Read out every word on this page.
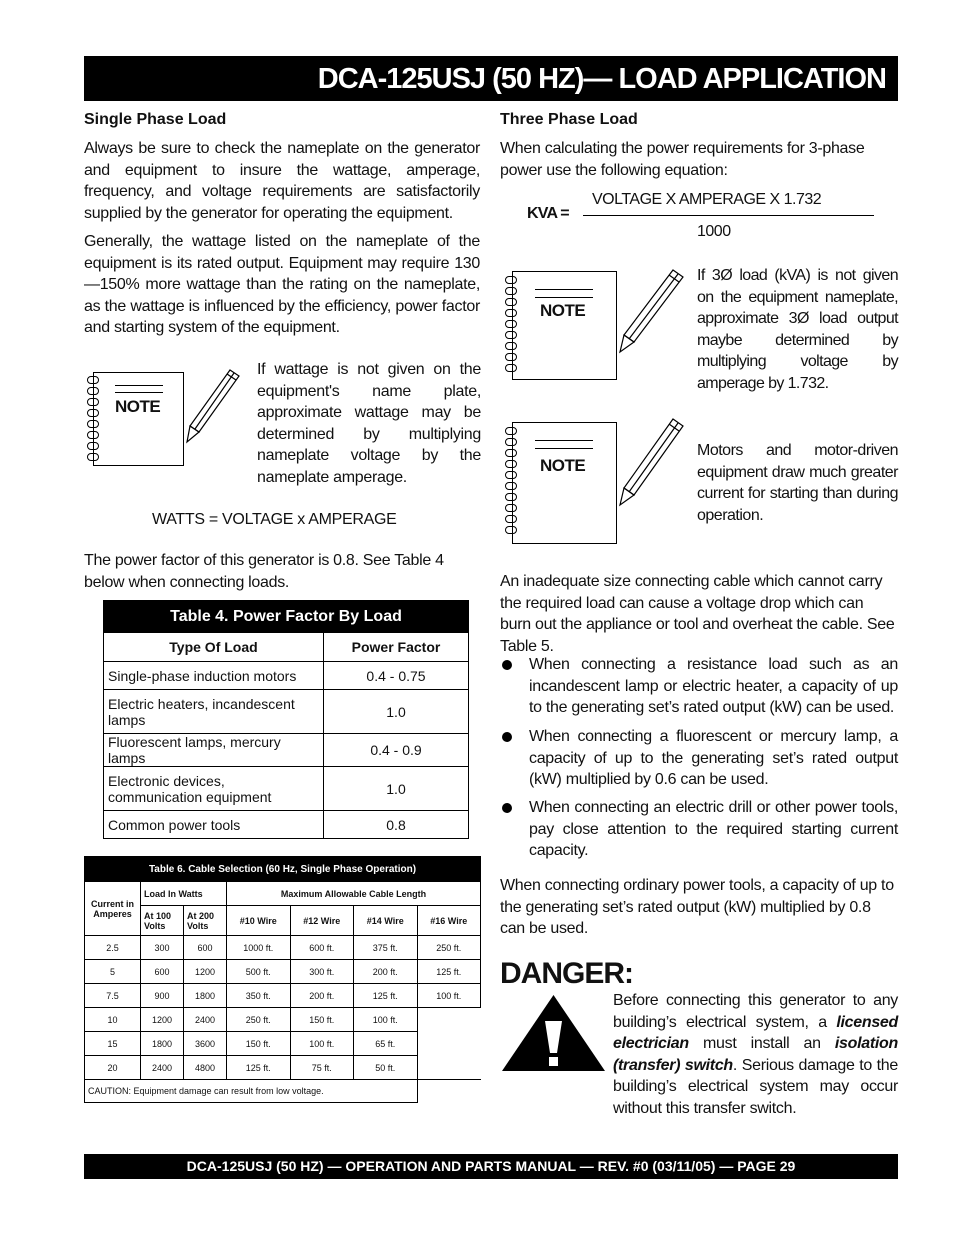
DCA-125USJ (50 HZ)— LOAD APPLICATION
Single Phase Load
Always be sure to check the nameplate on the generator and equipment to insure the wattage, amperage, frequency, and voltage requirements are satisfactorily supplied by the generator for operating the equipment.
Generally, the wattage listed on the nameplate of the equipment is its rated output. Equipment may require 130—150% more wattage than the rating on the nameplate, as the wattage is influenced by the efficiency, power factor and starting system of the equipment.
NOTE
If wattage is not given on the equipment's name plate, approximate wattage may be determined by multiplying nameplate voltage by the nameplate amperage.
WATTS = VOLTAGE x AMPERAGE
The power factor of this generator is 0.8. See Table 4 below when connecting loads.
Table 4. Power Factor By Load	
Type Of Load	Power Factor
Single-phase induction motors	0.4 - 0.75
Electric heaters, incandescent lamps	1.0
Fluorescent lamps, mercury lamps	0.4 - 0.9
Electronic devices, communication equipment	1.0
Common power tools	0.8
Table 6. Cable Selection (60 Hz, Single Phase Operation)						
Current in Amperes	Load In Watts		Maximum Allowable Cable Length			
	At 100 Volts	At 200 Volts	#10 Wire	#12 Wire	#14 Wire	#16 Wire
2.5	300	600	1000 ft.	600 ft.	375 ft.	250 ft.
5	600	1200	500 ft.	300 ft.	200 ft.	125 ft.
7.5	900	1800	350 ft.	200 ft.	125 ft.	100 ft.
10	1200	2400	250 ft.	150 ft.	100 ft.	
15	1800	3600	150 ft.	100 ft.	65 ft.	
20	2400	4800	125 ft.	75 ft.	50 ft.	
CAUTION: Equipment damage can result from low voltage.						
Three Phase Load
When calculating the power requirements for 3-phase power use the following equation:
KVA =
VOLTAGE X AMPERAGE X 1.732
1000
NOTE
If 3Ø load (kVA) is not given on the equipment nameplate, approximate 3Ø load output maybe determined by multiplying voltage by amperage by 1.732.
NOTE
Motors and motor-driven equipment draw much greater current for starting than during operation.
An inadequate size connecting cable which cannot carry the required load can cause a voltage drop which can burn out the appliance or tool and overheat the cable. See Table 5.
When connecting a resistance load such as an incandescent lamp or electric heater, a capacity of up to the generating set’s rated output (kW) can be used.
When connecting a fluorescent or mercury lamp, a capacity of up to the generating set’s rated output (kW) multiplied by 0.6 can be used.
When connecting an electric drill or other power tools, pay close attention to the required starting current capacity.
When connecting ordinary power tools, a capacity of up to the generating set’s rated output (kW) multiplied by 0.8 can be used.
DANGER:
Before connecting this generator to any building’s electrical system, a licensed electrician must install an isolation (transfer) switch. Serious damage to the building’s electrical system may occur without this transfer switch.
DCA-125USJ (50 HZ) — OPERATION AND PARTS MANUAL — REV. #0 (03/11/05) — PAGE 29
